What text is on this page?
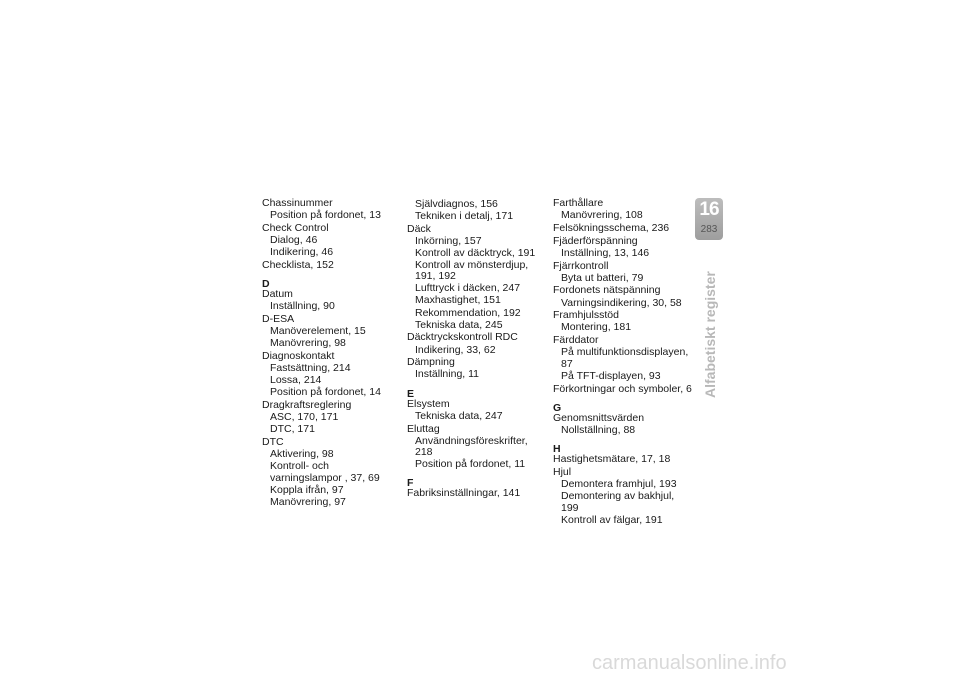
Chassinummer
Position på fordonet, 13
Check Control
Dialog, 46
Indikering, 46
Checklista, 152
D
Datum
Inställning, 90
D-ESA
Manöverelement, 15
Manövrering, 98
Diagnoskontakt
Fastsättning, 214
Lossa, 214
Position på fordonet, 14
Dragkraftsreglering
ASC, 170, 171
DTC, 171
DTC
Aktivering, 98
Kontroll- och varningslampor , 37, 69
Koppla ifrån, 97
Manövrering, 97
Självdiagnos, 156
Tekniken i detalj, 171
Däck
Inkörning, 157
Kontroll av däcktryck, 191
Kontroll av mönsterdjup, 191, 192
Lufttryck i däcken, 247
Maxhastighet, 151
Rekommendation, 192
Tekniska data, 245
Däcktryckskontroll RDC
Indikering, 33, 62
Dämpning
Inställning, 11
E
Elsystem
Tekniska data, 247
Eluttag
Användningsföreskrifter, 218
Position på fordonet, 11
F
Fabriksinställningar, 141
Farthållare
Manövrering, 108
Felsökningsschema, 236
Fjäderförspänning
Inställning, 13, 146
Fjärrkontroll
Byta ut batteri, 79
Fordonets nätspänning
Varningsindikering, 30, 58
Framhjulsstöd
Montering, 181
Färddator
På multifunktionsdisplayen, 87
På TFT-displayen, 93
Förkortningar och symboler, 6
G
Genomsnittsvärden
Nollställning, 88
H
Hastighetsmätare, 17, 18
Hjul
Demontera framhjul, 193
Demontering av bakhjul, 199
Kontroll av fälgar, 191
16
283
Alfabetiskt register
carmanualsonline.info
